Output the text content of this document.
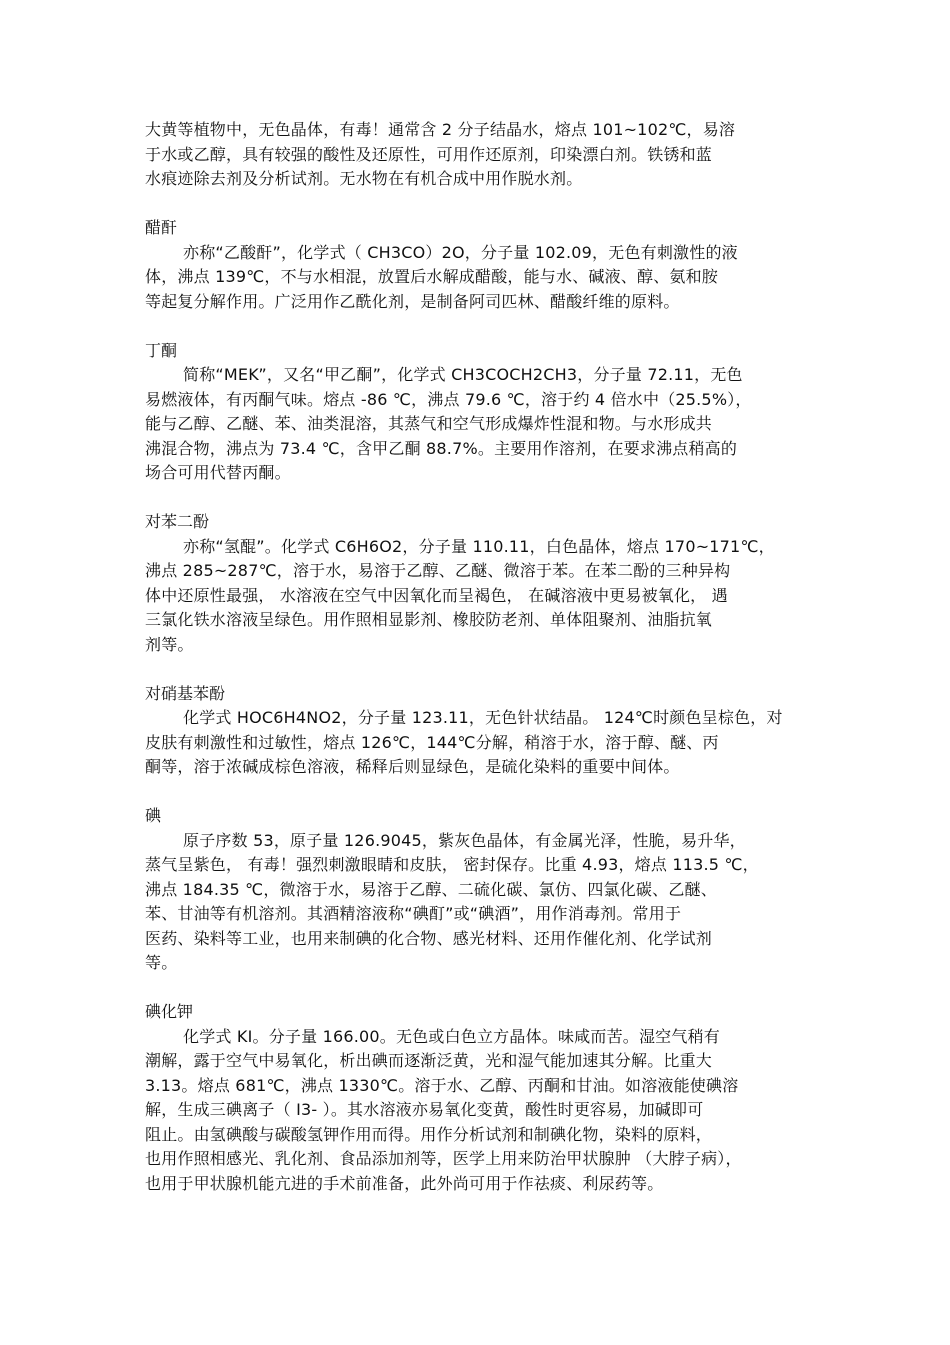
大黄等植物中，无色晶体，有毒！通常含 2 分子结晶水，熔点 101~102℃，易溶
于水或乙醇，具有较强的酸性及还原性，可用作还原剂，印染漂白剂。铁锈和蓝
水痕迹除去剂及分析试剂。无水物在有机合成中用作脱水剂。
醋酐
亦称“乙酸酐”，化学式（ CH3CO）2O，分子量 102.09，无色有刺激性的液
体，沸点 139℃，不与水相混，放置后水解成醋酸，能与水、碱液、醇、氨和胺
等起复分解作用。广泛用作乙酰化剂，是制备阿司匹林、醋酸纤维的原料。
丁酮
简称“MEK”，又名“甲乙酮”，化学式 CH3COCH2CH3，分子量 72.11，无色
易燃液体，有丙酮气味。熔点 -86 ℃，沸点 79.6 ℃，溶于约 4 倍水中（25.5%），
能与乙醇、乙醚、苯、油类混溶，其蒸气和空气形成爆炸性混和物。与水形成共
沸混合物，沸点为 73.4 ℃，含甲乙酮 88.7%。主要用作溶剂，在要求沸点稍高的
场合可用代替丙酮。
对苯二酚
亦称“氢醌”。化学式 C6H6O2，分子量 110.11，白色晶体，熔点 170~171℃，
沸点 285~287℃，溶于水，易溶于乙醇、乙醚、微溶于苯。在苯二酚的三种异构
体中还原性最强， 水溶液在空气中因氧化而呈褐色， 在碱溶液中更易被氧化， 遇
三氯化铁水溶液呈绿色。用作照相显影剂、橡胶防老剂、单体阻聚剂、油脂抗氧
剂等。
对硝基苯酚
化学式 HOC6H4NO2，分子量 123.11，无色针状结晶。 124℃时颜色呈棕色，对
皮肤有刺激性和过敏性，熔点 126℃，144℃分解，稍溶于水，溶于醇、醚、丙
酮等，溶于浓碱成棕色溶液，稀释后则显绿色，是硫化染料的重要中间体。
碘
原子序数 53，原子量 126.9045，紫灰色晶体，有金属光泽，性脆，易升华，
蒸气呈紫色， 有毒！强烈刺激眼睛和皮肤， 密封保存。比重 4.93，熔点 113.5 ℃，
沸点 184.35 ℃，微溶于水，易溶于乙醇、二硫化碳、氯仿、四氯化碳、乙醚、
苯、甘油等有机溶剂。其酒精溶液称“碘酊”或“碘酒”，用作消毒剂。常用于
医药、染料等工业，也用来制碘的化合物、感光材料、还用作催化剂、化学试剂
等。
碘化钾
化学式 KI。分子量 166.00。无色或白色立方晶体。味咸而苦。湿空气稍有
潮解，露于空气中易氧化，析出碘而逐渐泛黄，光和湿气能加速其分解。比重大
3.13。熔点 681℃，沸点 1330℃。溶于水、乙醇、丙酮和甘油。如溶液能使碘溶
解，生成三碘离子（ I3- ）。其水溶液亦易氧化变黄，酸性时更容易，加碱即可
阻止。由氢碘酸与碳酸氢钾作用而得。用作分析试剂和制碘化物，染料的原料，
也用作照相感光、乳化剂、食品添加剂等，医学上用来防治甲状腺肿 （大脖子病），
也用于甲状腺机能亢进的手术前准备，此外尚可用于作祛痰、利尿药等。
